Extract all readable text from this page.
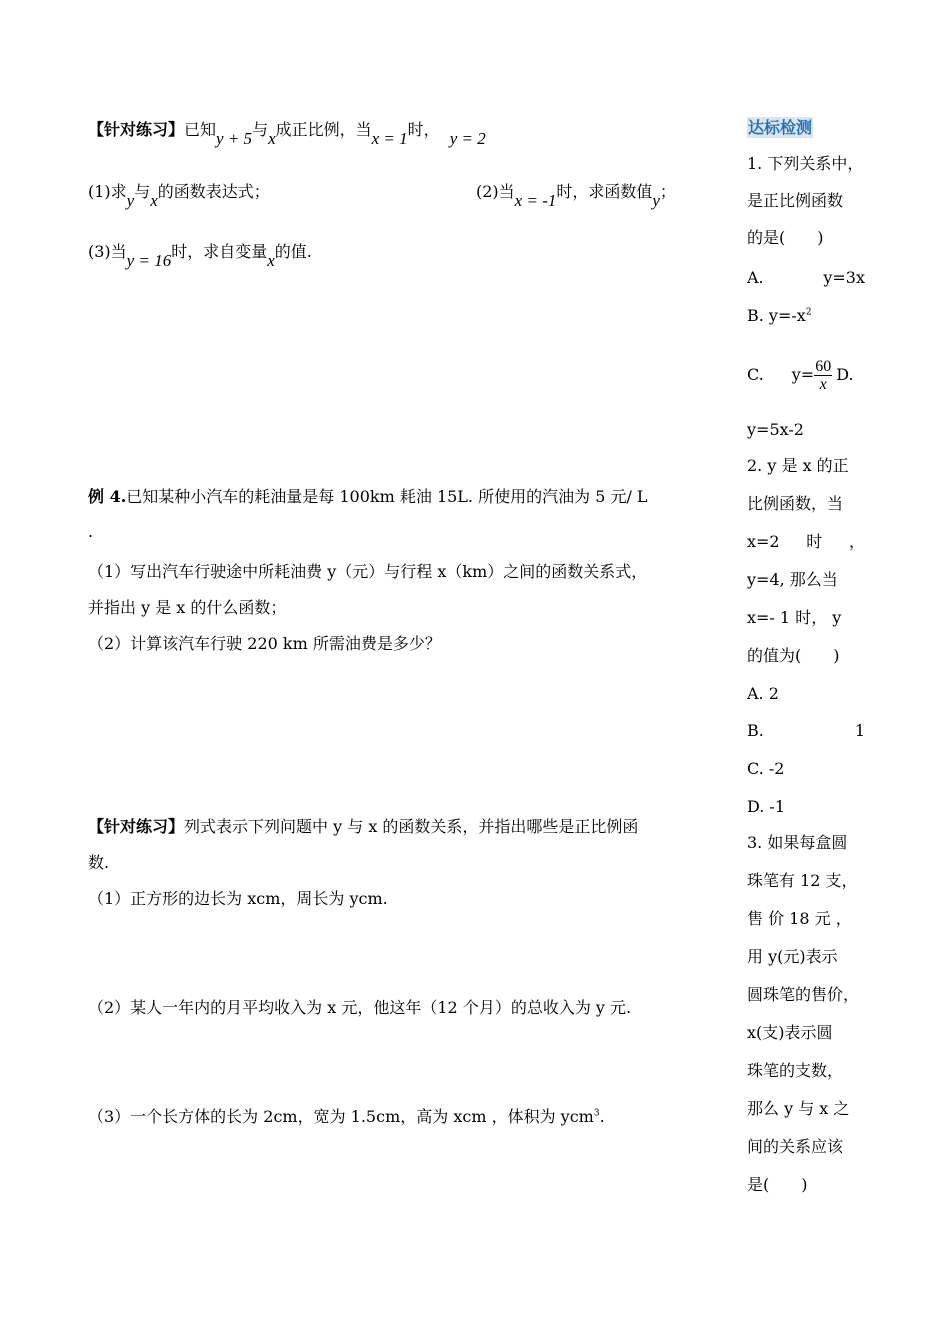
【针对练习】已知y + 5与x成正比例，当x = 1时， y = 2
(1)求y与x的函数表达式；	(2)当x = -1时，求函数值y；
(3)当y = 16时，求自变量x的值.
例 4.已知某种小汽车的耗油量是每 100km 耗油 15L. 所使用的汽油为 5 元/ L
.
（1）写出汽车行驶途中所耗油费 y（元）与行程 x（km）之间的函数关系式，
并指出 y 是 x 的什么函数；
（2）计算该汽车行驶 220 km 所需油费是多少？
【针对练习】列式表示下列问题中 y 与 x 的函数关系，并指出哪些是正比例函
数.
（1）正方形的边长为 xcm，周长为 ycm.
（2）某人一年内的月平均收入为 x 元，他这年（12 个月）的总收入为 y 元.
（3）一个长方体的长为 2cm，宽为 1.5cm，高为 xcm ，体积为 ycm$^3$.
达标检测
1. 下列关系中，
是正比例函数
的是(　　)
A.	y=3x
B. $y=-x^2$
C. $y= \frac{60}{x} D$.
y=5x-2
2. y 是 x 的正
比例函数，当
x=2 时 ，
y=4, 那么当
x=- 1 时， y
的值为(　　)
A. 2
B.	1
C. -2
D. -1
3. 如果每盒圆
珠笔有 12 支，
售 价 18 元 ，
用 y(元)表示
圆珠笔的售价，
x(支)表示圆
珠笔的支数，
那么 y 与 x 之
间的关系应该
是(　　)
